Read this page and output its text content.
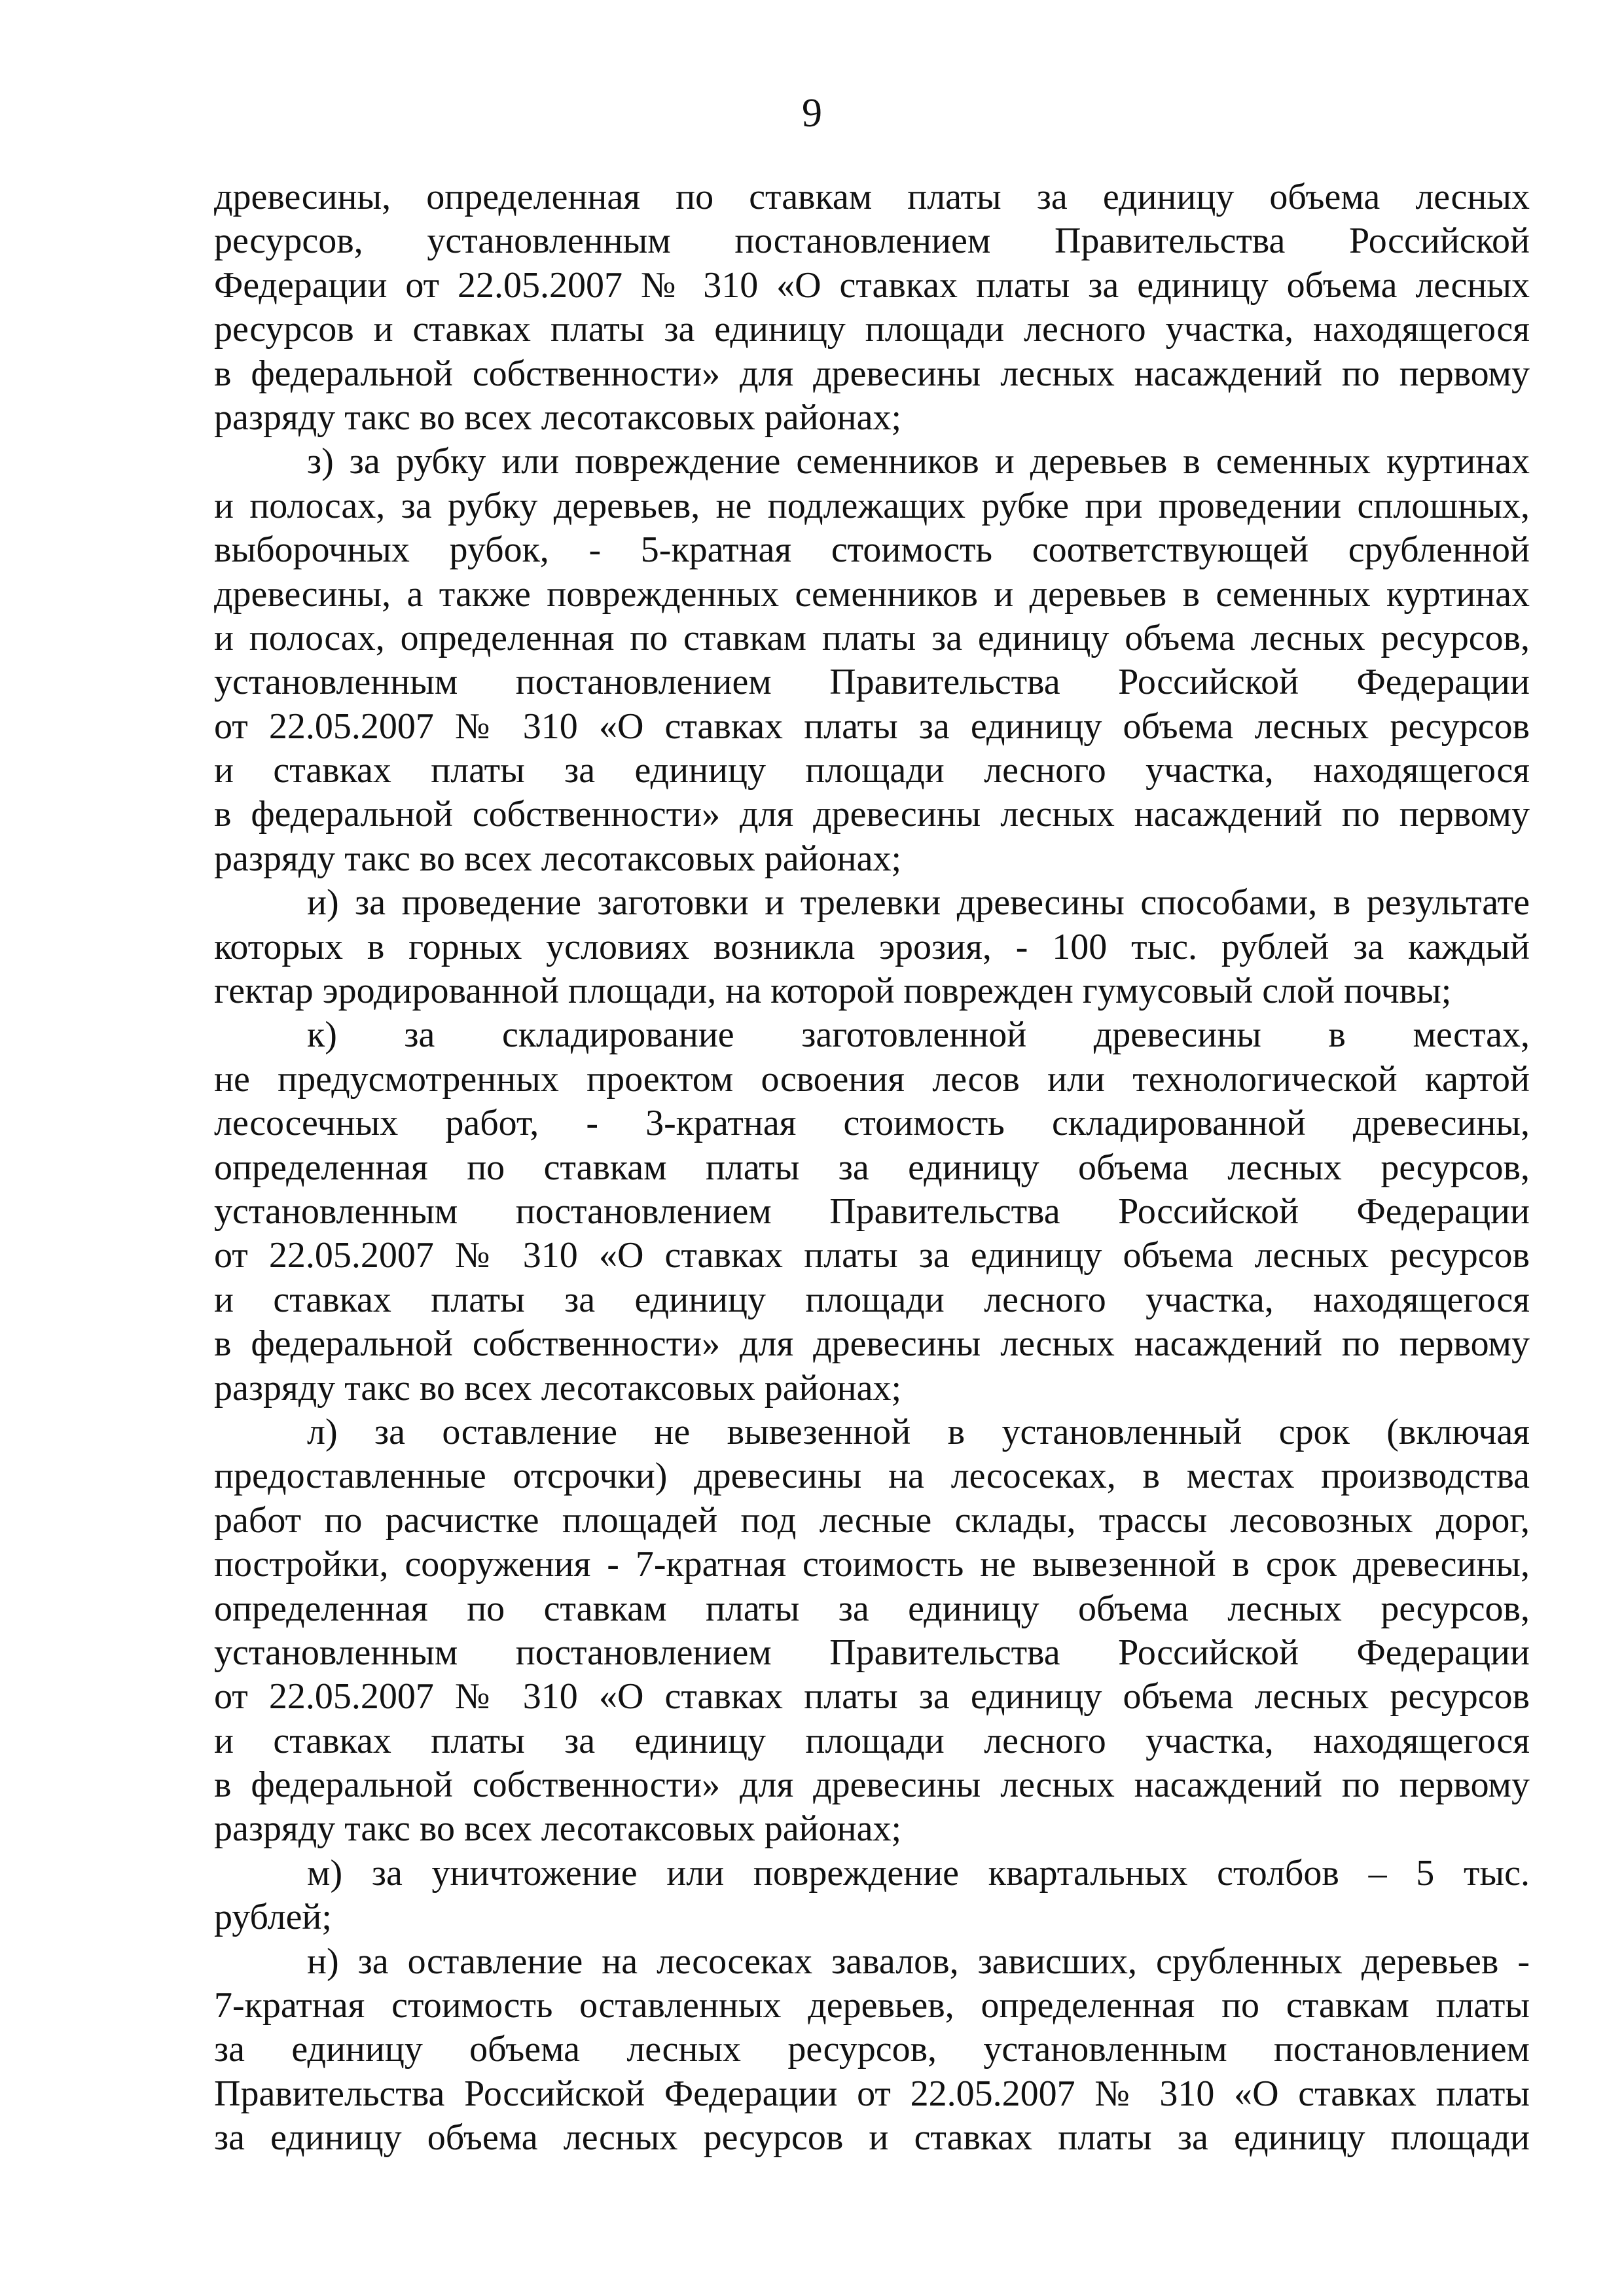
9
древесины, определенная по ставкам платы за единицу объема лесных
ресурсов, установленным постановлением Правительства Российской
Федерации от 22.05.2007 № 310 «О ставках платы за единицу объема лесных
ресурсов и ставках платы за единицу площади лесного участка, находящегося
в федеральной собственности» для древесины лесных насаждений по первому
разряду такс во всех лесотаксовых районах;
з) за рубку или повреждение семенников и деревьев в семенных куртинах
и полосах, за рубку деревьев, не подлежащих рубке при проведении сплошных,
выборочных рубок, - 5-кратная стоимость соответствующей срубленной
древесины, а также поврежденных семенников и деревьев в семенных куртинах
и полосах, определенная по ставкам платы за единицу объема лесных ресурсов,
установленным постановлением Правительства Российской Федерации
от 22.05.2007 № 310 «О ставках платы за единицу объема лесных ресурсов
и ставках платы за единицу площади лесного участка, находящегося
в федеральной собственности» для древесины лесных насаждений по первому
разряду такс во всех лесотаксовых районах;
и) за проведение заготовки и трелевки древесины способами, в результате
которых в горных условиях возникла эрозия, - 100 тыс. рублей за каждый
гектар эродированной площади, на которой поврежден гумусовый слой почвы;
к) за складирование заготовленной древесины в местах,
не предусмотренных проектом освоения лесов или технологической картой
лесосечных работ, - 3-кратная стоимость складированной древесины,
определенная по ставкам платы за единицу объема лесных ресурсов,
установленным постановлением Правительства Российской Федерации
от 22.05.2007 № 310 «О ставках платы за единицу объема лесных ресурсов
и ставках платы за единицу площади лесного участка, находящегося
в федеральной собственности» для древесины лесных насаждений по первому
разряду такс во всех лесотаксовых районах;
л) за оставление не вывезенной в установленный срок (включая
предоставленные отсрочки) древесины на лесосеках, в местах производства
работ по расчистке площадей под лесные склады, трассы лесовозных дорог,
постройки, сооружения - 7-кратная стоимость не вывезенной в срок древесины,
определенная по ставкам платы за единицу объема лесных ресурсов,
установленным постановлением Правительства Российской Федерации
от 22.05.2007 № 310 «О ставках платы за единицу объема лесных ресурсов
и ставках платы за единицу площади лесного участка, находящегося
в федеральной собственности» для древесины лесных насаждений по первому
разряду такс во всех лесотаксовых районах;
м) за уничтожение или повреждение квартальных столбов – 5 тыс.
рублей;
н) за оставление на лесосеках завалов, зависших, срубленных деревьев -
7-кратная стоимость оставленных деревьев, определенная по ставкам платы
за единицу объема лесных ресурсов, установленным постановлением
Правительства Российской Федерации от 22.05.2007 № 310 «О ставках платы
за единицу объема лесных ресурсов и ставках платы за единицу площади
